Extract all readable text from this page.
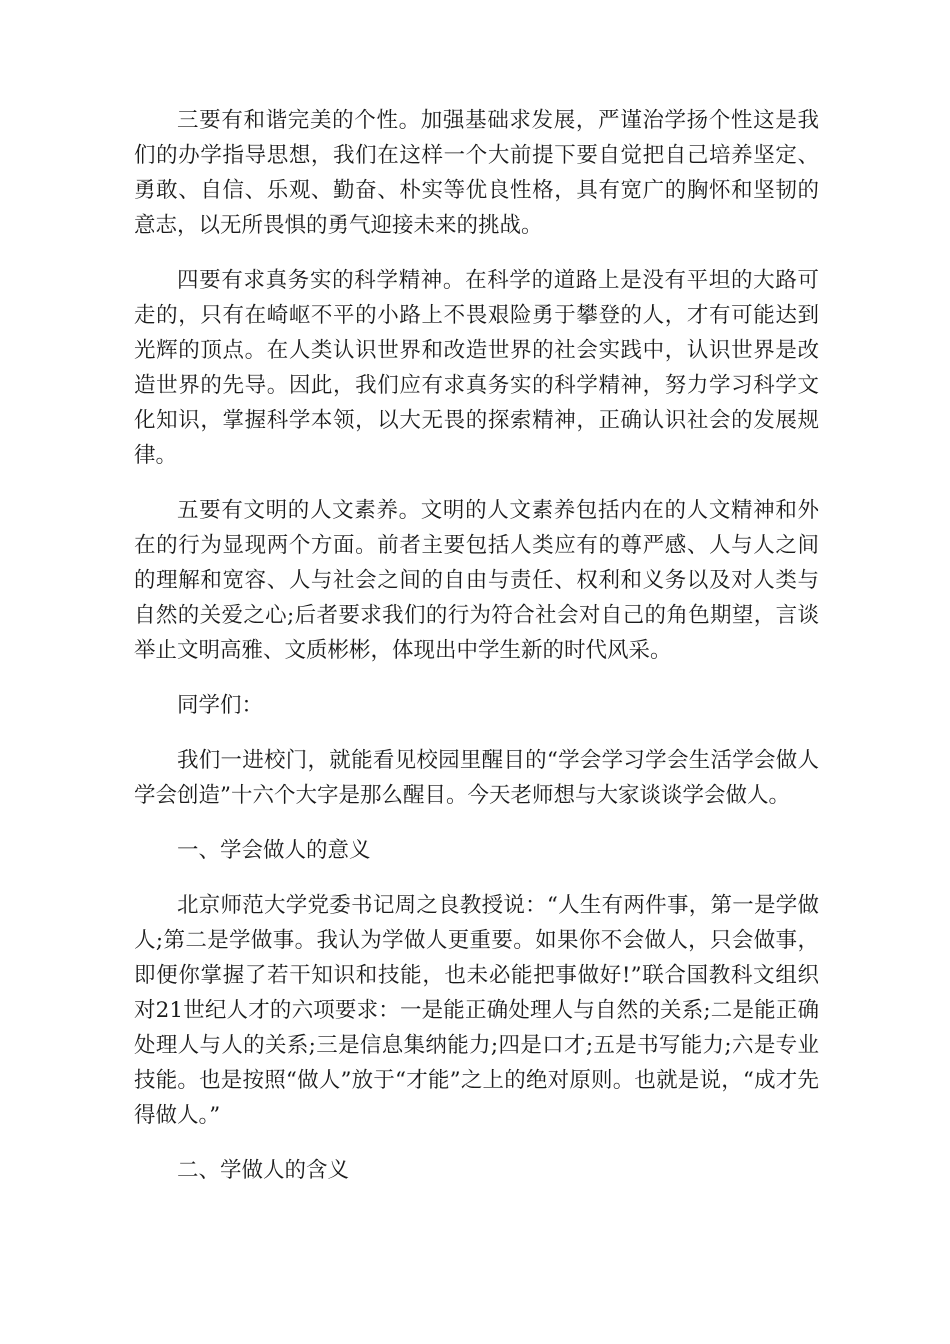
三要有和谐完美的个性。加强基础求发展，严谨治学扬个性这是我们的办学指导思想，我们在这样一个大前提下要自觉把自己培养坚定、勇敢、自信、乐观、勤奋、朴实等优良性格，具有宽广的胸怀和坚韧的意志，以无所畏惧的勇气迎接未来的挑战。

四要有求真务实的科学精神。在科学的道路上是没有平坦的大路可走的，只有在崎岖不平的小路上不畏艰险勇于攀登的人，才有可能达到光辉的顶点。在人类认识世界和改造世界的社会实践中，认识世界是改造世界的先导。因此，我们应有求真务实的科学精神，努力学习科学文化知识，掌握科学本领，以大无畏的探索精神，正确认识社会的发展规律。

五要有文明的人文素养。文明的人文素养包括内在的人文精神和外在的行为显现两个方面。前者主要包括人类应有的尊严感、人与人之间的理解和宽容、人与社会之间的自由与责任、权利和义务以及对人类与自然的关爱之心;后者要求我们的行为符合社会对自己的角色期望，言谈举止文明高雅、文质彬彬，体现出中学生新的时代风采。

同学们：

我们一进校门，就能看见校园里醒目的“学会学习学会生活学会做人学会创造”十六个大字是那么醒目。今天老师想与大家谈谈学会做人。

一、学会做人的意义

北京师范大学党委书记周之良教授说：“人生有两件事，第一是学做人;第二是学做事。我认为学做人更重要。如果你不会做人，只会做事，即便你掌握了若干知识和技能，也未必能把事做好!”联合国教科文组织对21世纪人才的六项要求：一是能正确处理人与自然的关系;二是能正确处理人与人的关系;三是信息集纳能力;四是口才;五是书写能力;六是专业技能。也是按照“做人”放于“才能”之上的绝对原则。也就是说，“成才先得做人。”

二、学做人的含义
